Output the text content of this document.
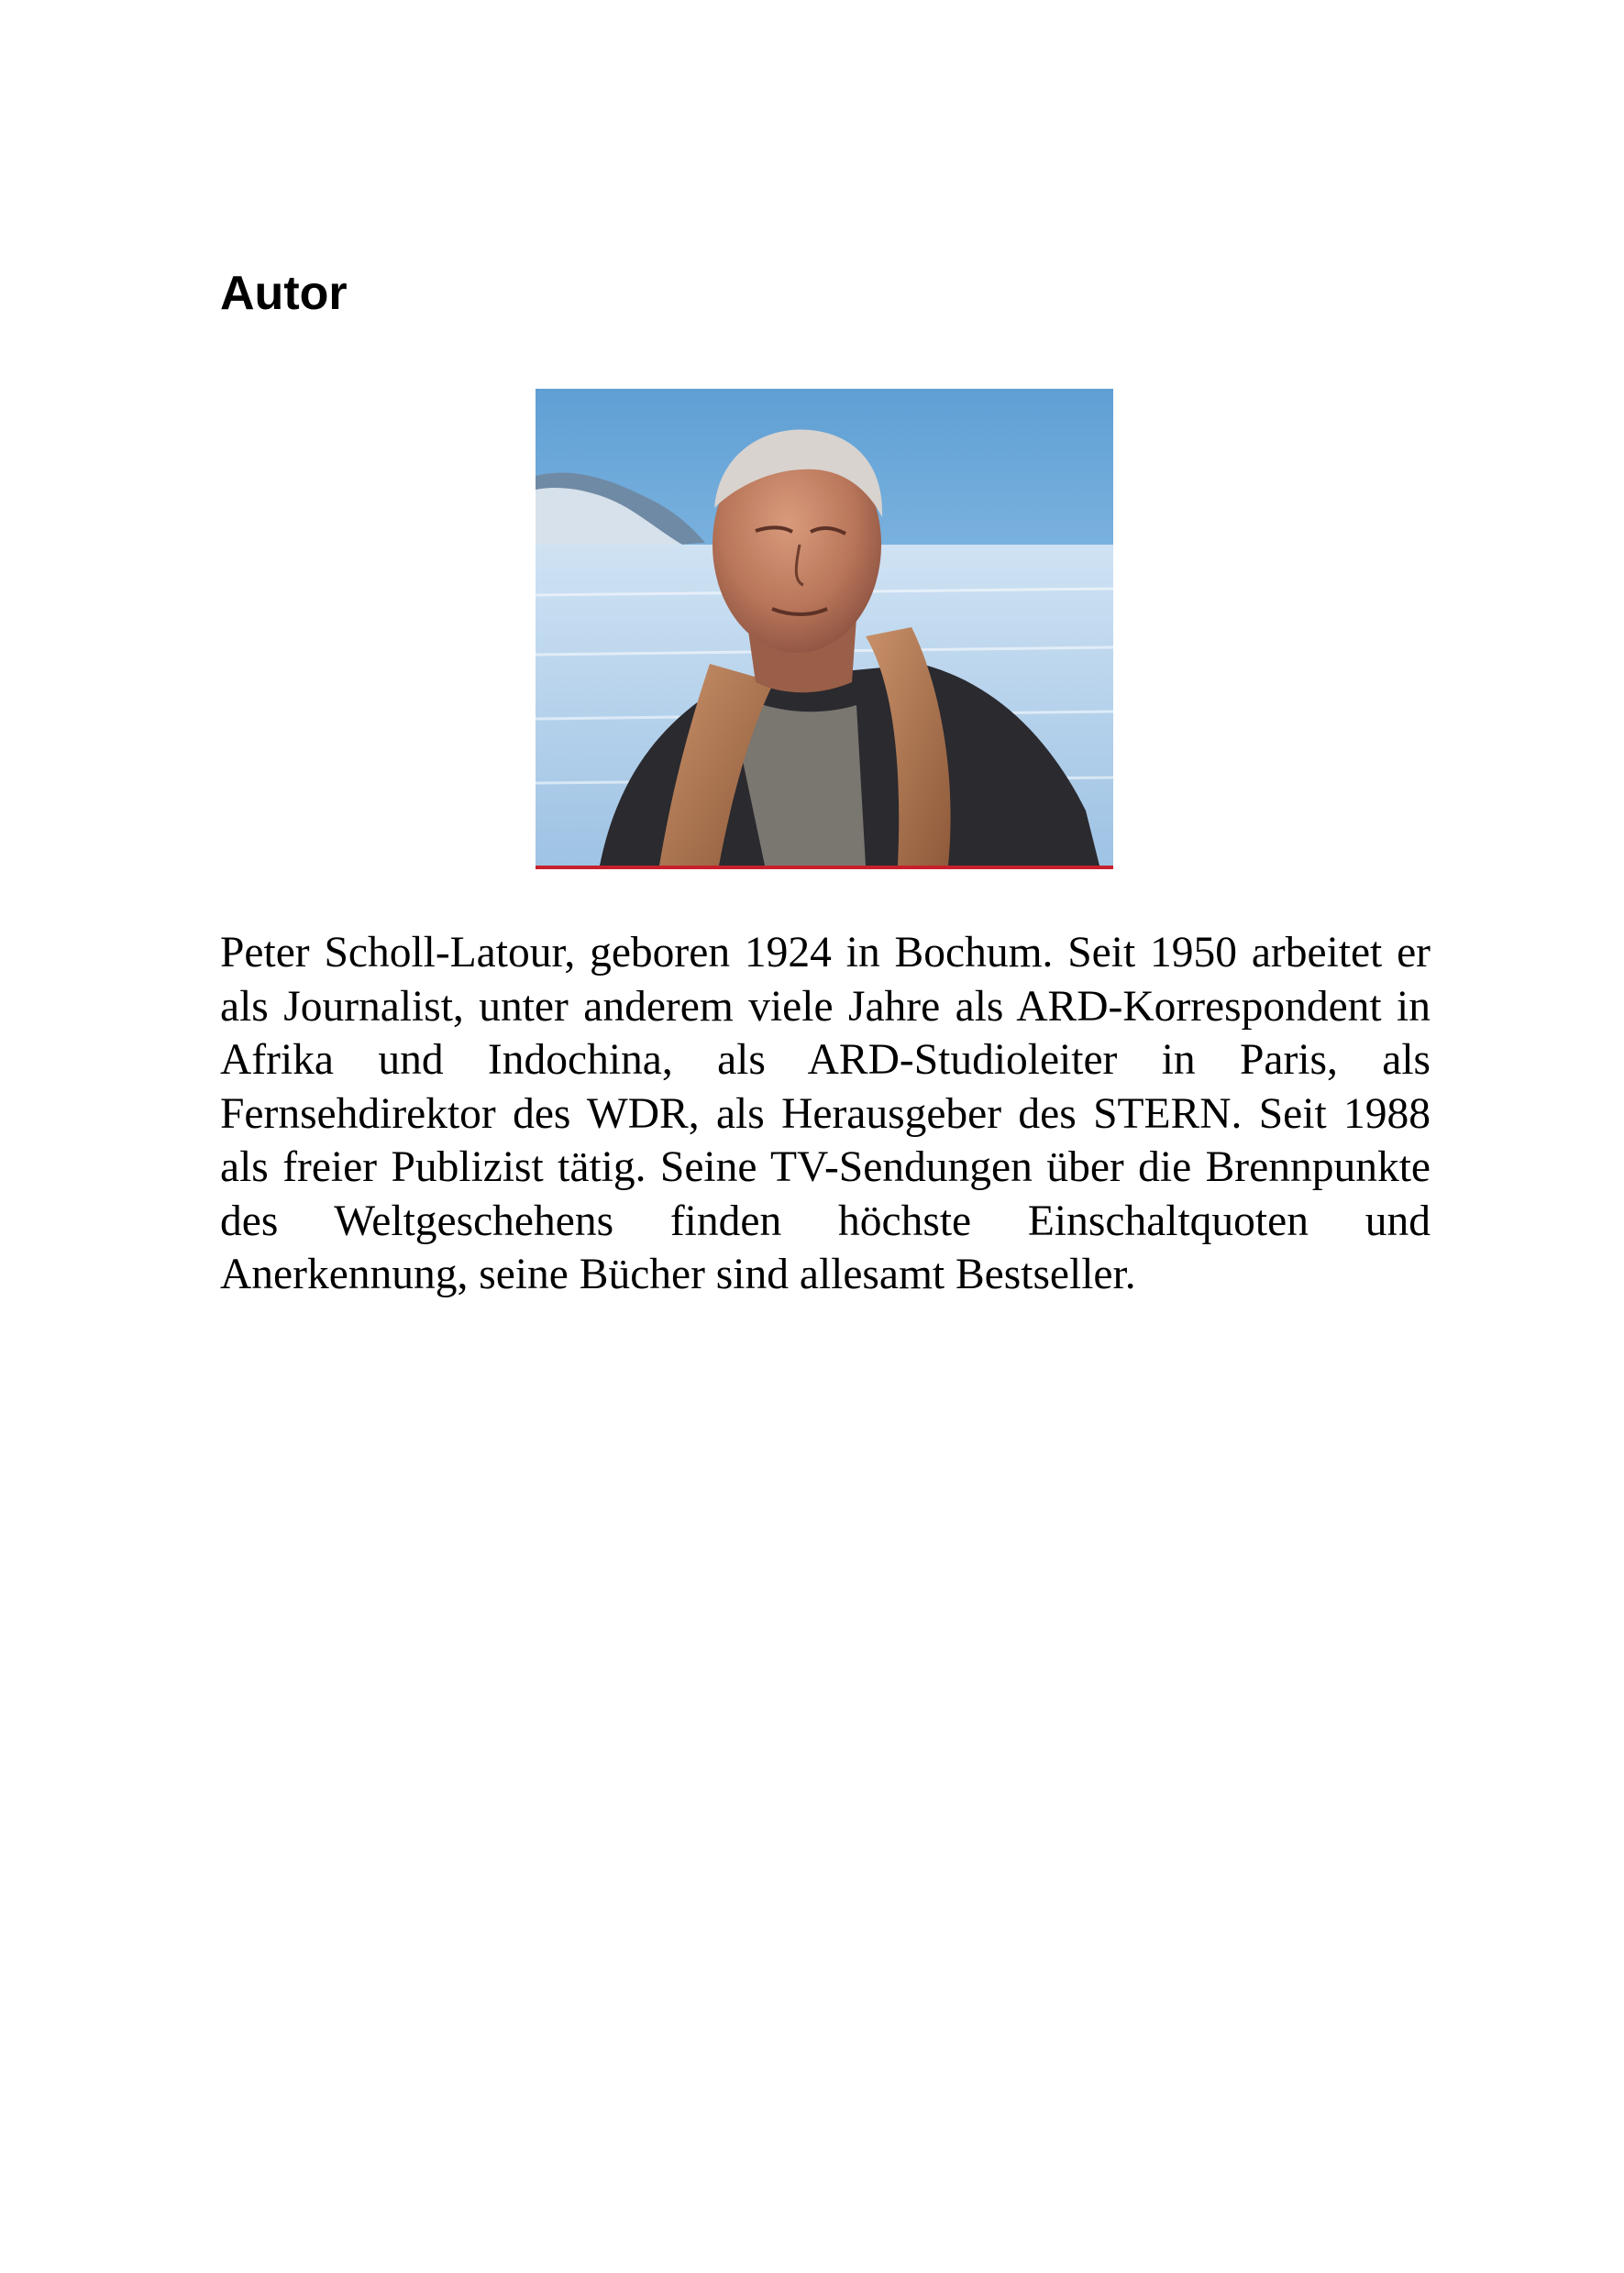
Autor

Peter Scholl-Latour, geboren 1924 in Bochum. Seit 1950 arbeitet er als Journalist, unter anderem viele Jahre als ARD-Korrespondent in Afrika und Indochina, als ARD-Studioleiter in Paris, als Fernsehdirektor des WDR, als Herausgeber des STERN. Seit 1988 als freier Publizist tätig. Seine TV-Sendungen über die Brennpunkte des Weltgeschehens finden höchste Einschaltquoten und Anerkennung, seine Bücher sind allesamt Bestseller.
